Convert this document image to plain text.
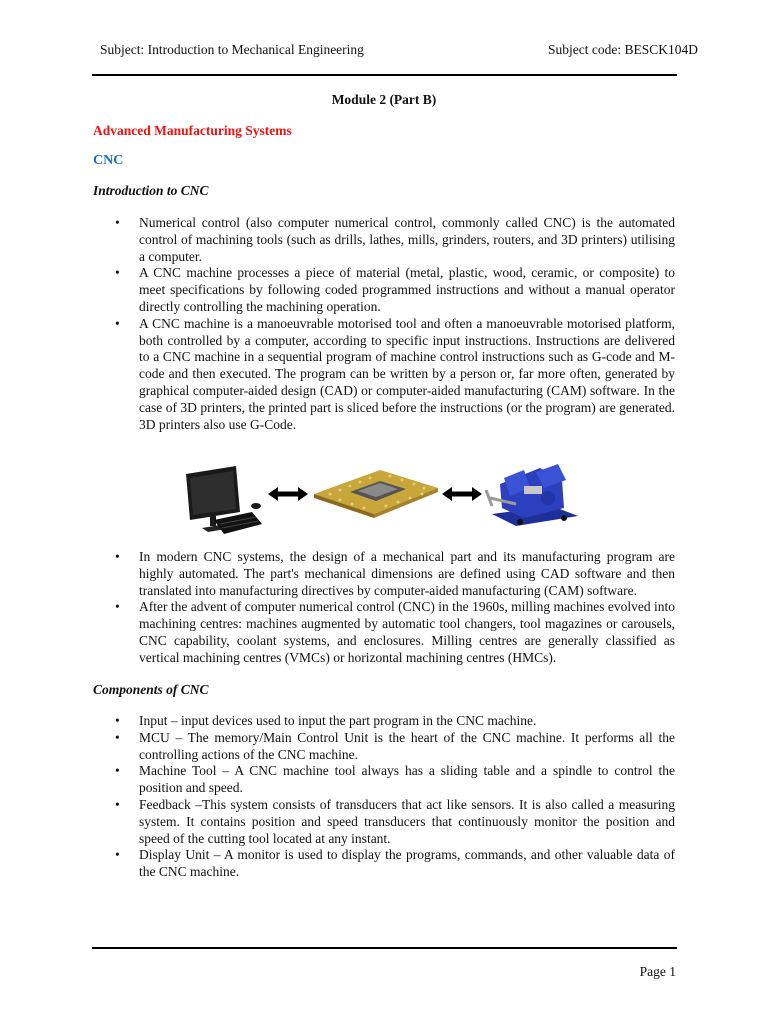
Subject: Introduction to Mechanical Engineering	Subject code: BESCK104D
Module 2 (Part B)
Advanced Manufacturing Systems
CNC
Introduction to CNC
• Numerical control (also computer numerical control, commonly called CNC) is the automated control of machining tools (such as drills, lathes, mills, grinders, routers, and 3D printers) utilising a computer.
• A CNC machine processes a piece of material (metal, plastic, wood, ceramic, or composite) to meet specifications by following coded programmed instructions and without a manual operator directly controlling the machining operation.
• A CNC machine is a manoeuvrable motorised tool and often a manoeuvrable motorised platform, both controlled by a computer, according to specific input instructions. Instructions are delivered to a CNC machine in a sequential program of machine control instructions such as G-code and M-code and then executed. The program can be written by a person or, far more often, generated by graphical computer-aided design (CAD) or computer-aided manufacturing (CAM) software. In the case of 3D printers, the printed part is sliced before the instructions (or the program) are generated. 3D printers also use G-Code.
• In modern CNC systems, the design of a mechanical part and its manufacturing program are highly automated. The part's mechanical dimensions are defined using CAD software and then translated into manufacturing directives by computer-aided manufacturing (CAM) software.
• After the advent of computer numerical control (CNC) in the 1960s, milling machines evolved into machining centres: machines augmented by automatic tool changers, tool magazines or carousels, CNC capability, coolant systems, and enclosures. Milling centres are generally classified as vertical machining centres (VMCs) or horizontal machining centres (HMCs).
Components of CNC
• Input – input devices used to input the part program in the CNC machine.
• MCU – The memory/Main Control Unit is the heart of the CNC machine. It performs all the controlling actions of the CNC machine.
• Machine Tool – A CNC machine tool always has a sliding table and a spindle to control the position and speed.
• Feedback –This system consists of transducers that act like sensors. It is also called a measuring system. It contains position and speed transducers that continuously monitor the position and speed of the cutting tool located at any instant.
• Display Unit – A monitor is used to display the programs, commands, and other valuable data of the CNC machine.
Page 1
